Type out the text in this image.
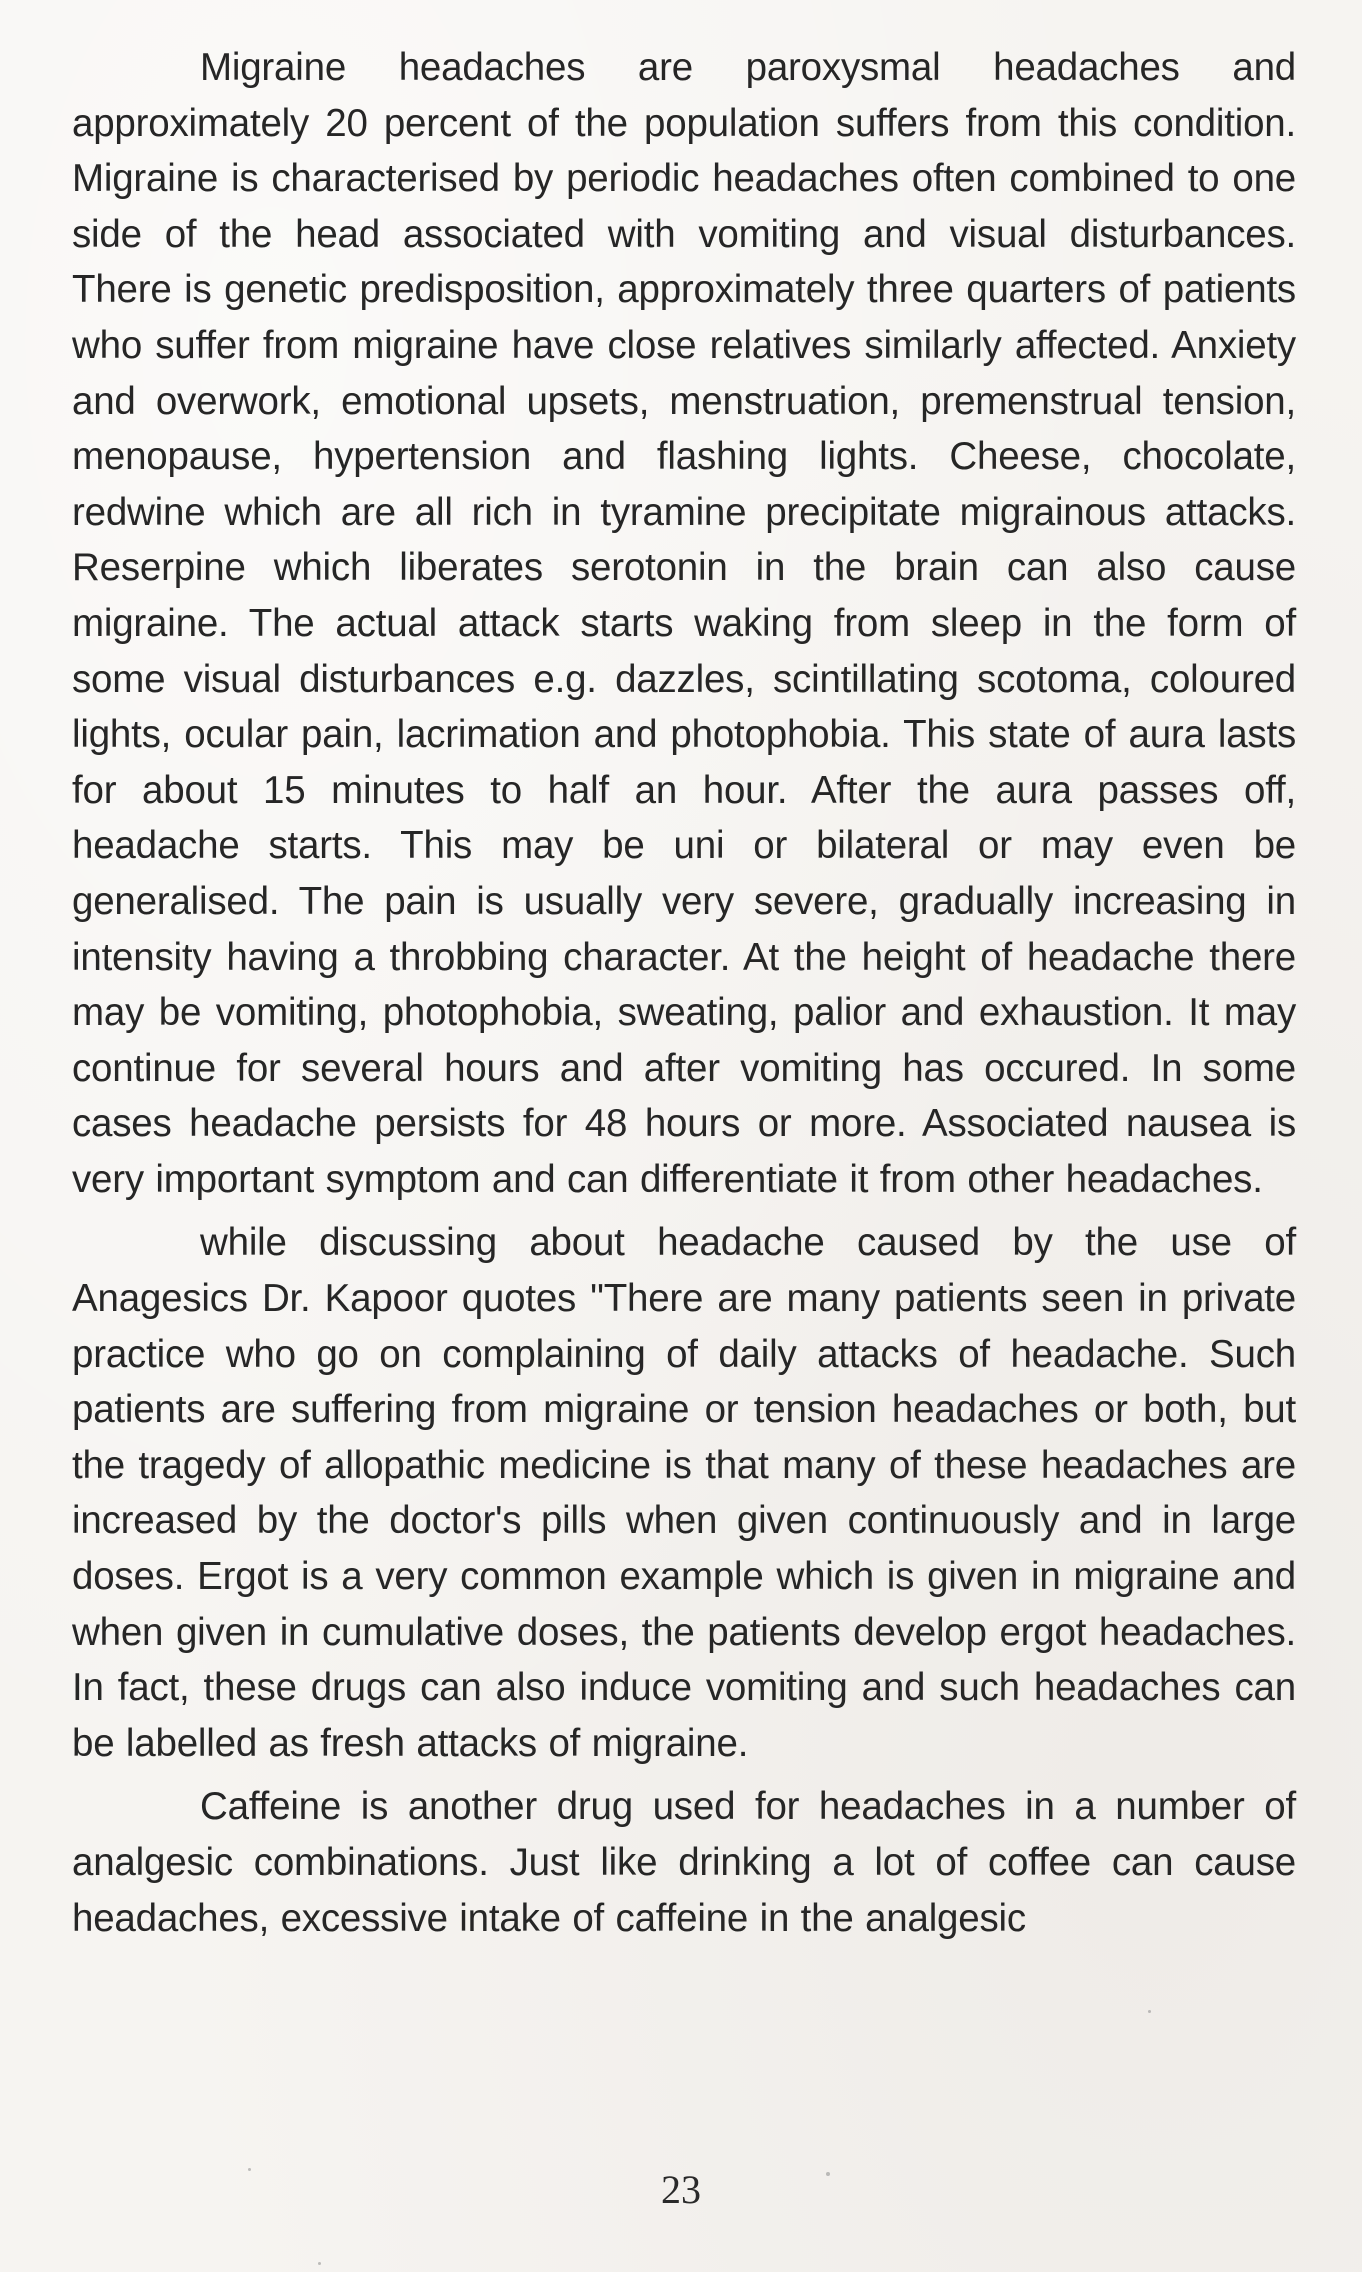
Migraine headaches are paroxysmal headaches and approximately 20 percent of the population suffers from this condition. Migraine is characterised by periodic headaches often combined to one side of the head associated with vomiting and visual disturbances. There is genetic predisposition, approximately three quarters of patients who suffer from migraine have close relatives similarly affected. Anxiety and overwork, emotional upsets, menstruation, premenstrual tension, menopause, hypertension and flashing lights. Cheese, chocolate, redwine which are all rich in tyramine precipitate migrainous attacks. Reserpine which liberates serotonin in the brain can also cause migraine. The actual attack starts waking from sleep in the form of some visual disturbances e.g. dazzles, scintillating scotoma, coloured lights, ocular pain, lacrimation and photophobia. This state of aura lasts for about 15 minutes to half an hour. After the aura passes off, headache starts. This may be uni or bilateral or may even be generalised. The pain is usually very severe, gradually increasing in intensity having a throbbing character. At the height of headache there may be vomiting, photophobia, sweating, palior and exhaustion. It may continue for several hours and after vomiting has occured. In some cases headache persists for 48 hours or more. Associated nausea is very important symptom and can differentiate it from other headaches.

while discussing about headache caused by the use of Anagesics Dr. Kapoor quotes "There are many patients seen in private practice who go on complaining of daily attacks of headache. Such patients are suffering from migraine or tension headaches or both, but the tragedy of allopathic medicine is that many of these headaches are increased by the doctor's pills when given continuously and in large doses. Ergot is a very common example which is given in migraine and when given in cumulative doses, the patients develop ergot headaches. In fact, these drugs can also induce vomiting and such headaches can be labelled as fresh attacks of migraine.

Caffeine is another drug used for headaches in a number of analgesic combinations. Just like drinking a lot of coffee can cause headaches, excessive intake of caffeine in the analgesic

23
